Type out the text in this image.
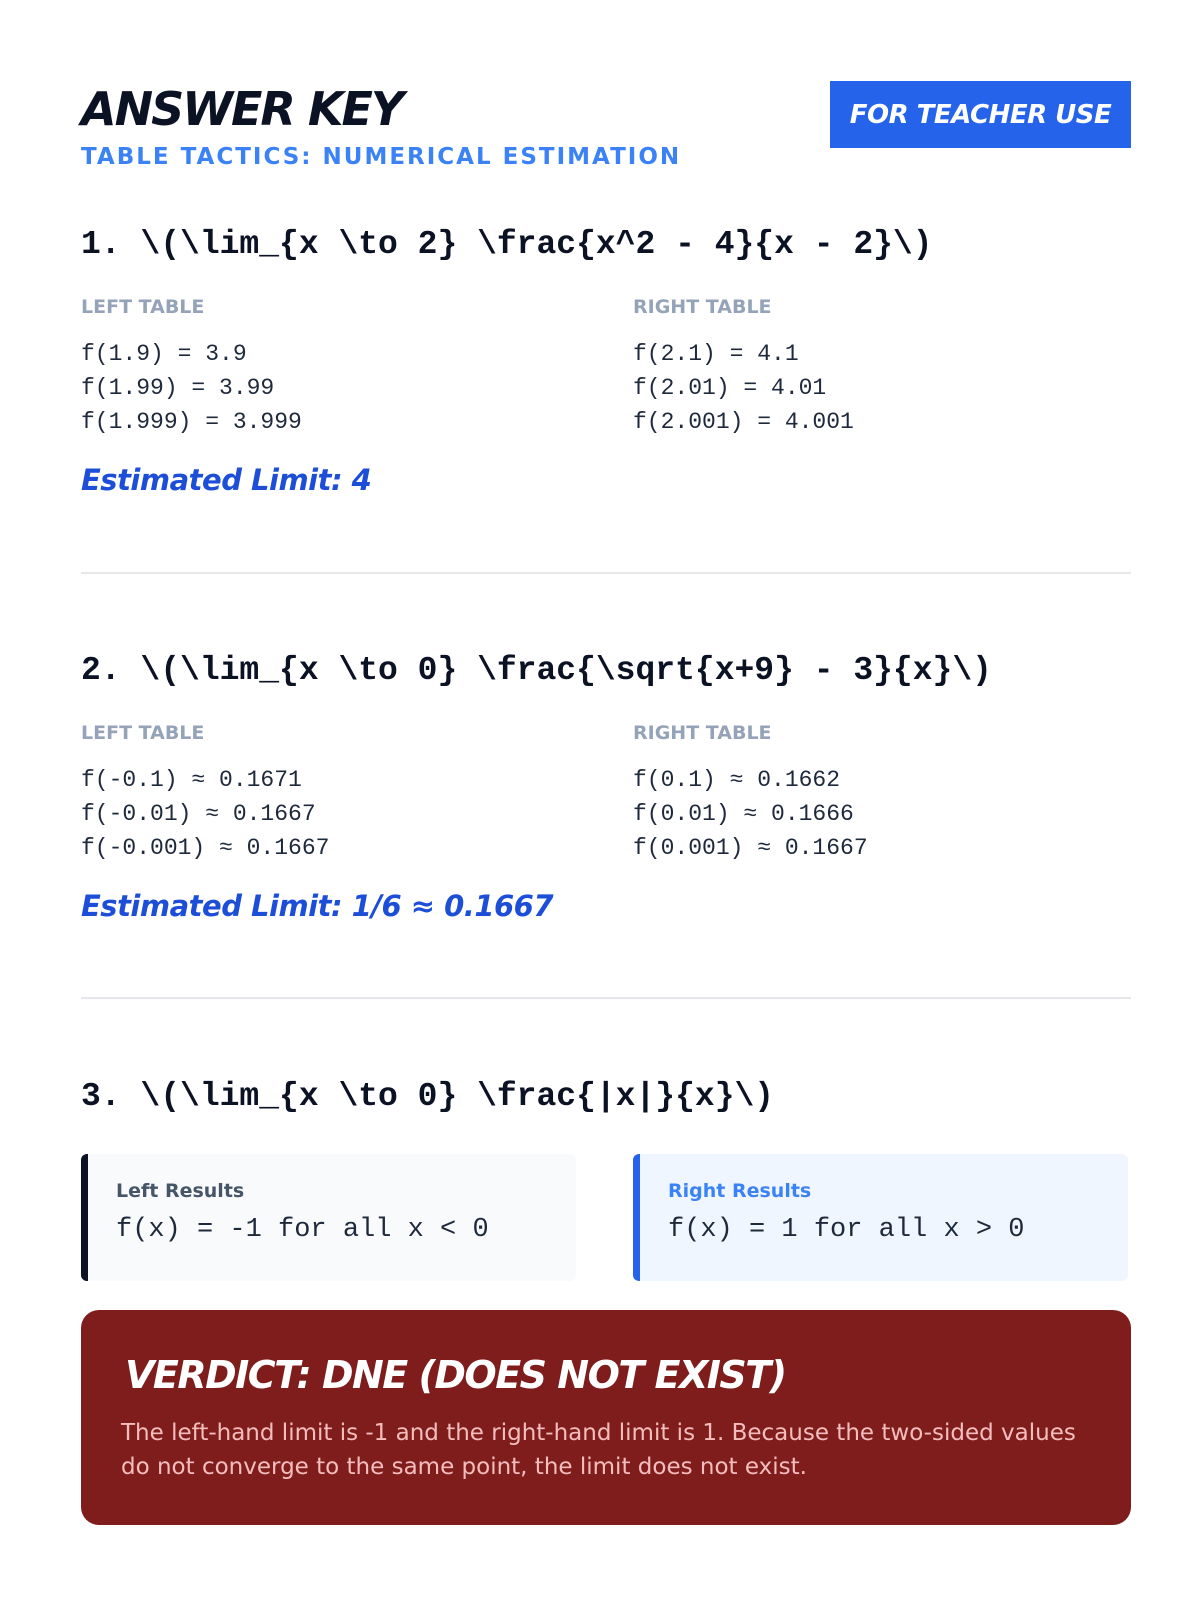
ANSWER KEY
TABLE TACTICS: NUMERICAL ESTIMATION
FOR TEACHER USE
1. \(\lim_{x \to 2} \frac{x^2 - 4}{x - 2}\)
LEFT TABLE
f(1.9) = 3.9
f(1.99) = 3.99
f(1.999) = 3.999
RIGHT TABLE
f(2.1) = 4.1
f(2.01) = 4.01
f(2.001) = 4.001
Estimated Limit: 4
2. \(\lim_{x \to 0} \frac{\sqrt{x+9} - 3}{x}\)
LEFT TABLE
f(-0.1) ≈ 0.1671
f(-0.01) ≈ 0.1667
f(-0.001) ≈ 0.1667
RIGHT TABLE
f(0.1) ≈ 0.1662
f(0.01) ≈ 0.1666
f(0.001) ≈ 0.1667
Estimated Limit: 1/6 ≈ 0.1667
3. \(\lim_{x \to 0} \frac{|x|}{x}\)
Left Results
f(x) = -1 for all x < 0
Right Results
f(x) = 1 for all x > 0
VERDICT: DNE (DOES NOT EXIST)
The left-hand limit is -1 and the right-hand limit is 1. Because the two-sided values do not converge to the same point, the limit does not exist.
